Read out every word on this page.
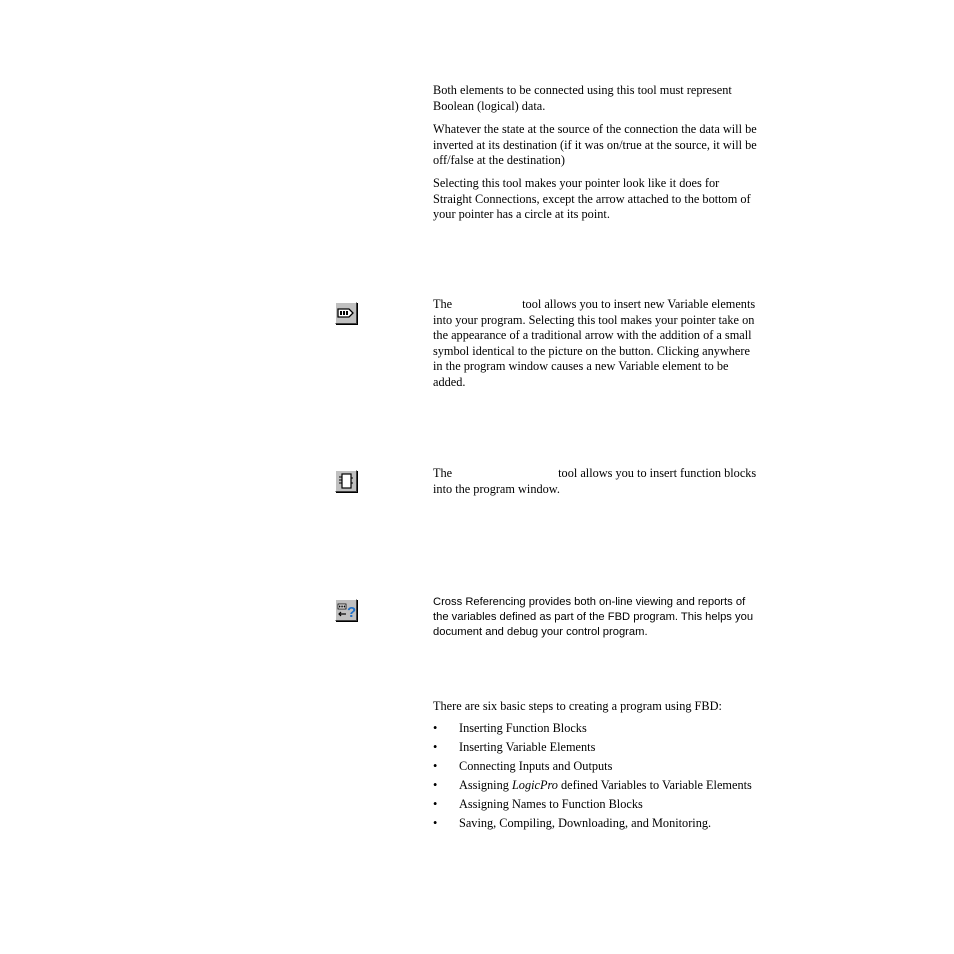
Both elements to be connected using this tool must represent Boolean (logical) data.

Whatever the state at the source of the connection the data will be inverted at its destination (if it was on/true at the source, it will be off/false at the destination)

Selecting this tool makes your pointer look like it does for Straight Connections, except the arrow attached to the bottom of your pointer has a circle at its point.

The	tool allows you to insert new Variable elements into your program. Selecting this tool makes your pointer take on the appearance of a traditional arrow with the addition of a small symbol identical to the picture on the button. Clicking anywhere in the program window causes a new Variable element to be added.

The	tool allows you to insert function blocks into the program window.

?

Cross Referencing provides both on-line viewing and reports of the variables defined as part of the FBD program. This helps you document and debug your control program.

There are six basic steps to creating a program using FBD:

• Inserting Function Blocks
• Inserting Variable Elements
• Connecting Inputs and Outputs
• Assigning LogicPro defined Variables to Variable Elements
• Assigning Names to Function Blocks
• Saving, Compiling, Downloading, and Monitoring.
